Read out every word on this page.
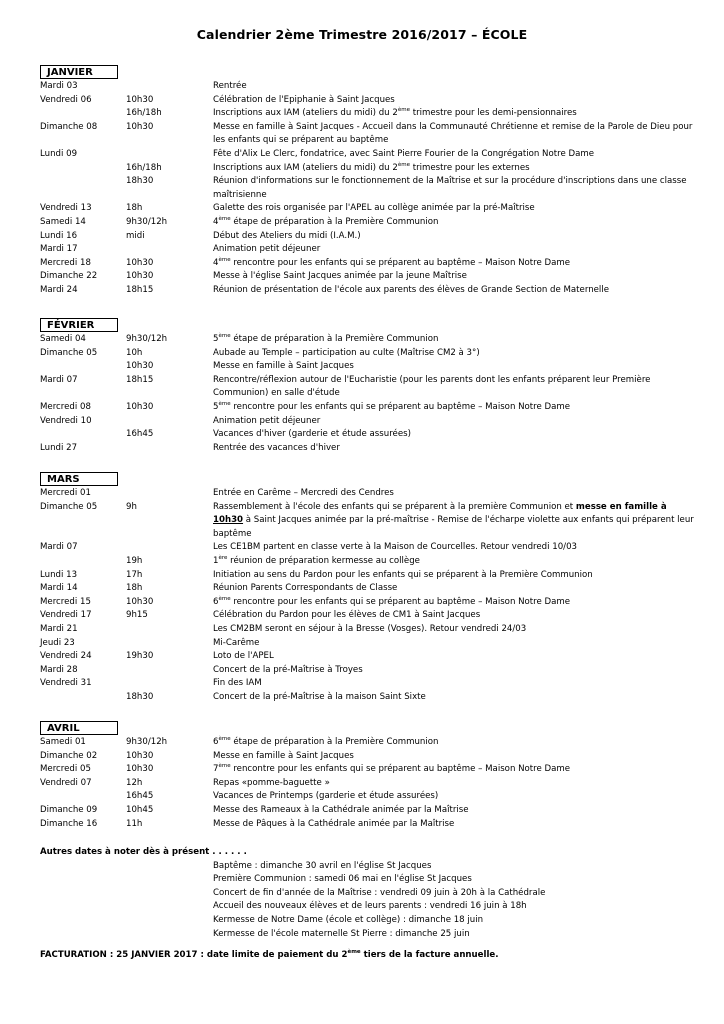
Calendrier 2ème Trimestre 2016/2017 – ÉCOLE
JANVIER
Mardi 03	Rentrée
Vendredi 06	10h30	Célébration de l'Epiphanie à Saint Jacques
16h/18h	Inscriptions aux IAM (ateliers du midi) du 2ème trimestre pour les demi-pensionnaires
Dimanche 08	10h30	Messe en famille à Saint Jacques - Accueil dans la Communauté Chrétienne et remise de la Parole de Dieu pour les enfants qui se préparent au baptême
Lundi 09	Fête d'Alix Le Clerc, fondatrice, avec Saint Pierre Fourier de la Congrégation Notre Dame
16h/18h	Inscriptions aux IAM (ateliers du midi) du 2ème trimestre pour les externes
18h30	Réunion d'informations sur le fonctionnement de la Maîtrise et sur la procédure d'inscriptions dans une classe maîtrisienne
Vendredi 13	18h	Galette des rois organisée par l'APEL au collège animée par la pré-Maîtrise
Samedi 14	9h30/12h	4ème étape de préparation à la Première Communion
Lundi 16	midi	Début des Ateliers du midi (I.A.M.)
Mardi 17	Animation petit déjeuner
Mercredi 18	10h30	4ème rencontre pour les enfants qui se préparent au baptême – Maison Notre Dame
Dimanche 22	10h30	Messe à l'église Saint Jacques animée par la jeune Maîtrise
Mardi 24	18h15	Réunion de présentation de l'école aux parents des élèves de Grande Section de Maternelle
FÉVRIER
Samedi 04	9h30/12h	5ème étape de préparation à la Première Communion
Dimanche 05	10h	Aubade au Temple – participation au culte (Maîtrise CM2 à 3°)
10h30	Messe en famille à Saint Jacques
Mardi 07	18h15	Rencontre/réflexion autour de l'Eucharistie (pour les parents dont les enfants préparent leur Première Communion) en salle d'étude
Mercredi 08	10h30	5ème rencontre pour les enfants qui se préparent au baptême – Maison Notre Dame
Vendredi 10	Animation petit déjeuner
16h45	Vacances d'hiver (garderie et étude assurées)
Lundi 27	Rentrée des vacances d'hiver
MARS
Mercredi 01	Entrée en Carême – Mercredi des Cendres
Dimanche 05	9h	Rassemblement à l'école des enfants qui se préparent à la première Communion et messe en famille à 10h30 à Saint Jacques animée par la pré-maîtrise - Remise de l'écharpe violette aux enfants qui préparent leur baptême
Mardi 07	Les CE1BM partent en classe verte à la Maison de Courcelles. Retour vendredi 10/03
19h	1ère réunion de préparation kermesse au collège
Lundi 13	17h	Initiation au sens du Pardon pour les enfants qui se préparent à la Première Communion
Mardi 14	18h	Réunion Parents Correspondants de Classe
Mercredi 15	10h30	6ème rencontre pour les enfants qui se préparent au baptême – Maison Notre Dame
Vendredi 17	9h15	Célébration du Pardon pour les élèves de CM1 à Saint Jacques
Mardi 21	Les CM2BM seront en séjour à la Bresse (Vosges). Retour vendredi 24/03
Jeudi 23	Mi-Carême
Vendredi 24	19h30	Loto de l'APEL
Mardi 28	Concert de la pré-Maîtrise à Troyes
Vendredi 31	Fin des IAM
18h30	Concert de la pré-Maîtrise à la maison Saint Sixte
AVRIL
Samedi 01	9h30/12h	6ème étape de préparation à la Première Communion
Dimanche 02	10h30	Messe en famille à Saint Jacques
Mercredi 05	10h30	7ème rencontre pour les enfants qui se préparent au baptême – Maison Notre Dame
Vendredi 07	12h	Repas «pomme-baguette »
16h45	Vacances de Printemps (garderie et étude assurées)
Dimanche 09	10h45	Messe des Rameaux à la Cathédrale animée par la Maîtrise
Dimanche 16	11h	Messe de Pâques à la Cathédrale animée par la Maîtrise
Autres dates à noter dès à présent . . . . . .
Baptême : dimanche 30 avril en l'église St Jacques
Première Communion : samedi 06 mai en l'église St Jacques
Concert de fin d'année de la Maîtrise : vendredi 09 juin à 20h à la Cathédrale
Accueil des nouveaux élèves et de leurs parents : vendredi 16 juin à 18h
Kermesse de Notre Dame (école et collège) : dimanche 18 juin
Kermesse de l'école maternelle St Pierre : dimanche 25 juin
FACTURATION : 25 JANVIER 2017 : date limite de paiement du 2ème tiers de la facture annuelle.
